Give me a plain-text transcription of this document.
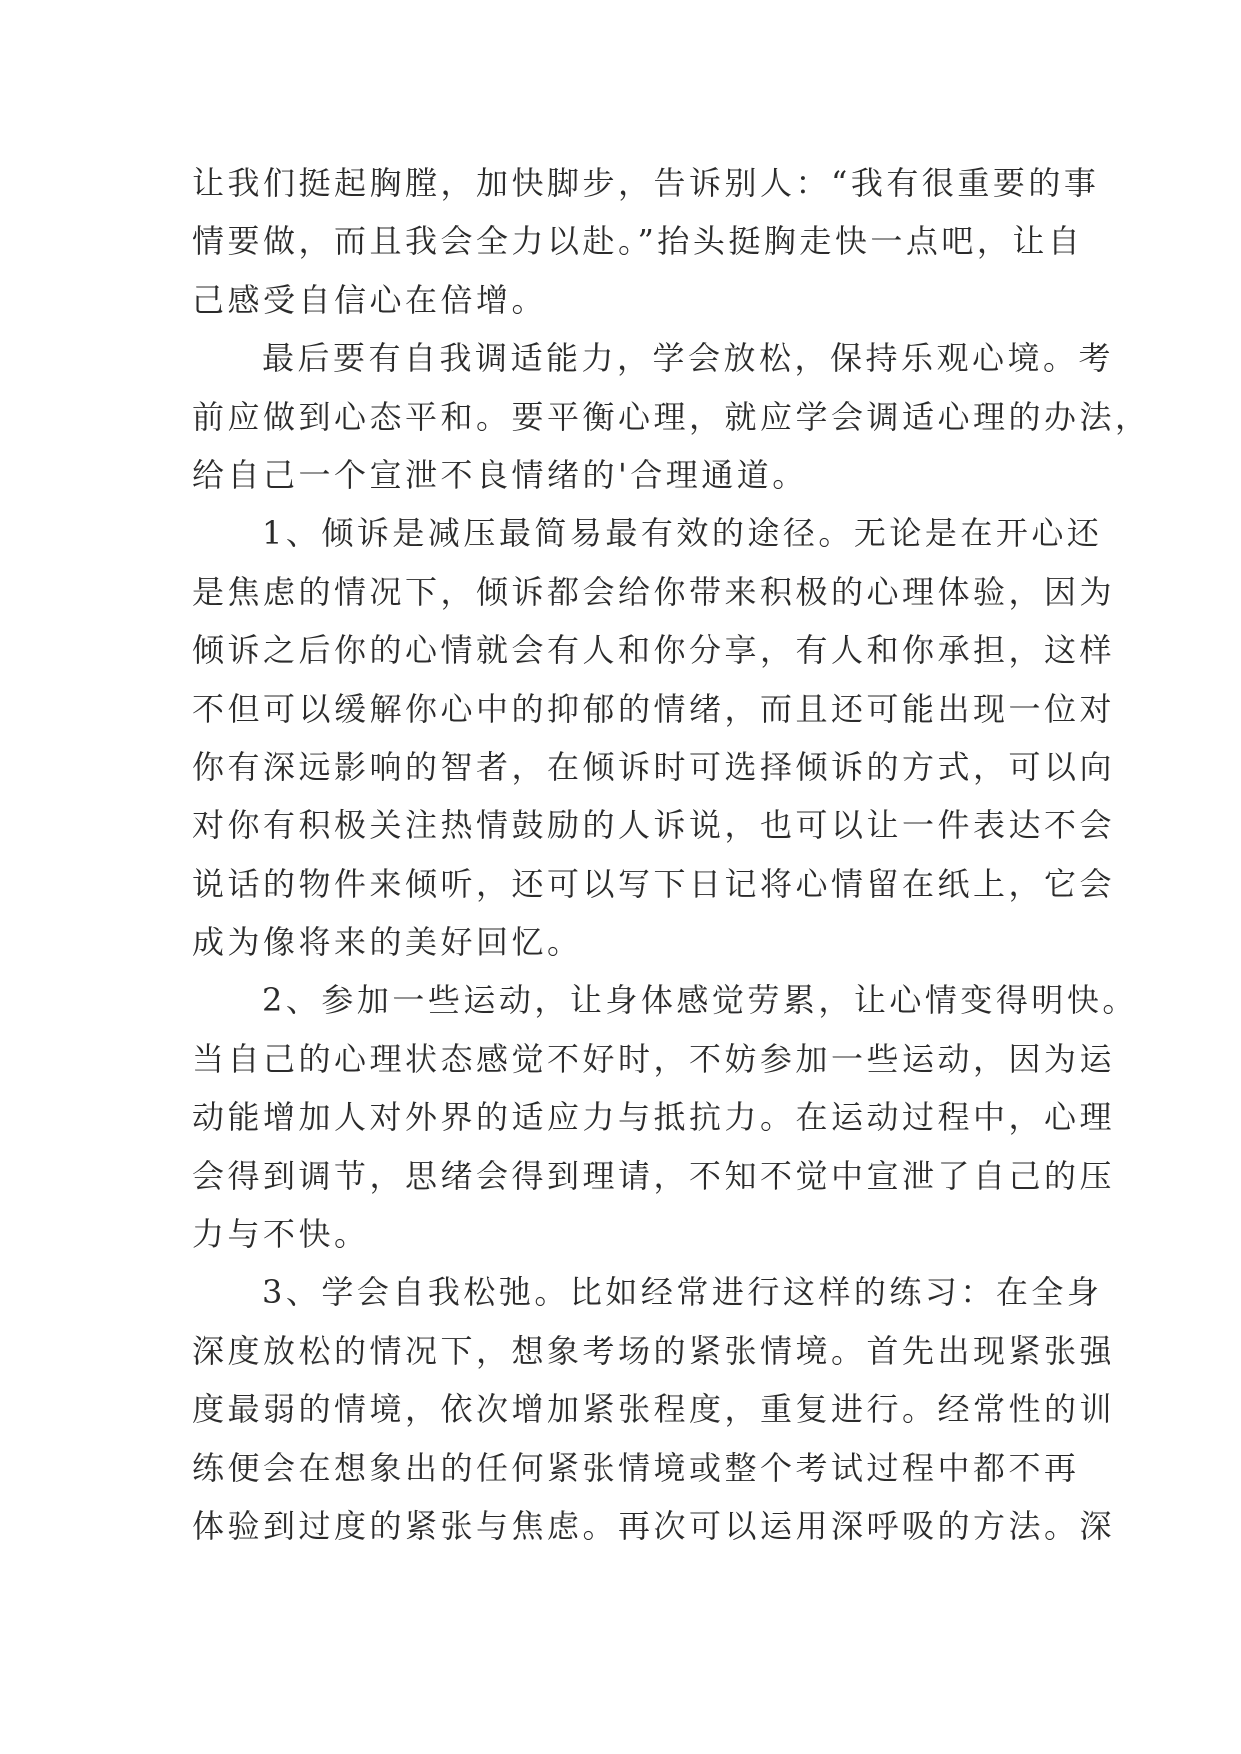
让我们挺起胸膛，加快脚步，告诉别人：“我有很重要的事
情要做，而且我会全力以赴。”抬头挺胸走快一点吧，让自
己感受自信心在倍增。
最后要有自我调适能力，学会放松，保持乐观心境。考
前应做到心态平和。要平衡心理，就应学会调适心理的办法，
给自己一个宣泄不良情绪的'合理通道。
1、倾诉是减压最简易最有效的途径。无论是在开心还
是焦虑的情况下，倾诉都会给你带来积极的心理体验，因为
倾诉之后你的心情就会有人和你分享，有人和你承担，这样
不但可以缓解你心中的抑郁的情绪，而且还可能出现一位对
你有深远影响的智者，在倾诉时可选择倾诉的方式，可以向
对你有积极关注热情鼓励的人诉说，也可以让一件表达不会
说话的物件来倾听，还可以写下日记将心情留在纸上，它会
成为像将来的美好回忆。
2、参加一些运动，让身体感觉劳累，让心情变得明快。
当自己的心理状态感觉不好时，不妨参加一些运动，因为运
动能增加人对外界的适应力与抵抗力。在运动过程中，心理
会得到调节，思绪会得到理请，不知不觉中宣泄了自己的压
力与不快。
3、学会自我松弛。比如经常进行这样的练习：在全身
深度放松的情况下，想象考场的紧张情境。首先出现紧张强
度最弱的情境，依次增加紧张程度，重复进行。经常性的训
练便会在想象出的任何紧张情境或整个考试过程中都不再
体验到过度的紧张与焦虑。再次可以运用深呼吸的方法。深
